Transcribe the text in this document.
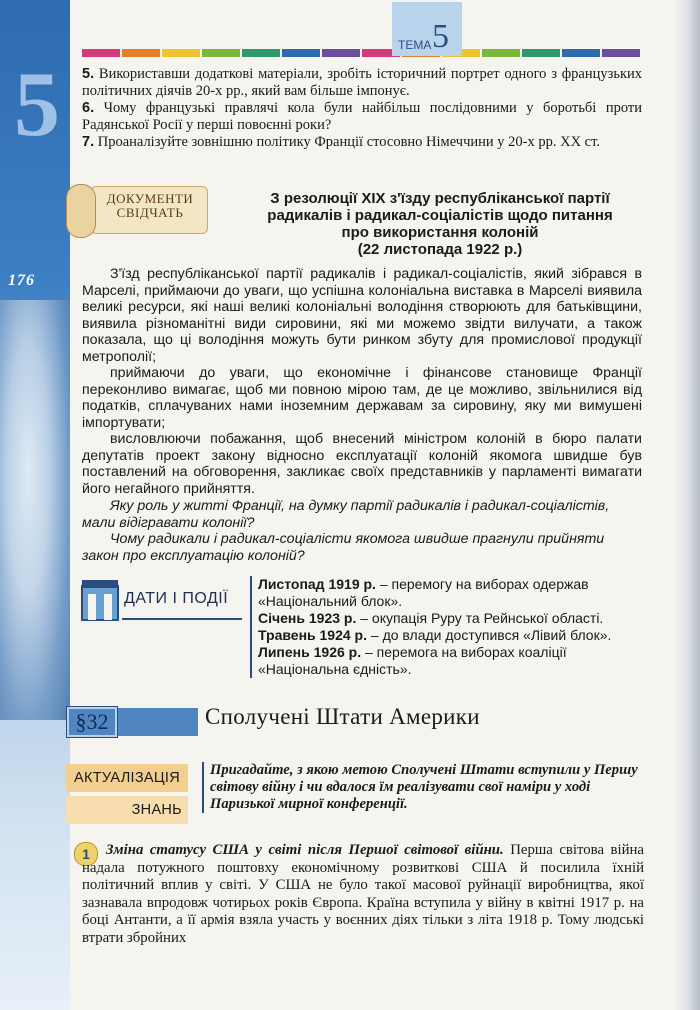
5
176
ТЕМА 5
5. Використавши додаткові матеріали, зробіть історичний портрет одного з французьких політичних діячів 20-х рр., який вам більше імпонує.
6. Чому французькі правлячі кола були найбільш послідовними у боротьбі проти Радянської Росії у перші повоєнні роки?
7. Проаналізуйте зовнішню політику Франції стосовно Німеччини у 20-х рр. XX ст.
ДОКУМЕНТИ
СВІДЧАТЬ
З резолюції XIX з'їзду республіканської партії
радикалів і радикал-соціалістів щодо питання
про використання колоній
(22 листопада 1922 р.)

З'їзд республіканської партії радикалів і радикал-соціалістів, який зібрався в Марселі, приймаючи до уваги, що успішна колоніальна виставка в Марселі виявила великі ресурси, які наші великі колоніальні володіння створюють для батьківщини, виявила різноманітні види сировини, які ми можемо звідти вилучати, а також показала, що ці володіння можуть бути ринком збуту для промислової продукції метрополії;

приймаючи до уваги, що економічне і фінансове становище Франції переконливо вимагає, щоб ми повною мірою там, де це можливо, звільнилися від податків, сплачуваних нами іноземним державам за сировину, яку ми вимушені імпортувати;

висловлюючи побажання, щоб внесений міністром колоній в бюро палати депутатів проект закону відносно експлуатації колоній якомога швидше був поставлений на обговорення, закликає своїх представників у парламенті вимагати його негайного прийняття.

Яку роль у житті Франції, на думку партії радикалів і радикал-соціалістів, мали відігравати колонії?

Чому радикали і радикал-соціалісти якомога швидше прагнули прийняти закон про експлуатацію колоній?

ДАТИ І ПОДІЇ
Листопад 1919 р. – перемогу на виборах одержав «Національний блок».
Січень 1923 р. – окупація Руру та Рейнської області.
Травень 1924 р. – до влади доступився «Лівий блок».
Липень 1926 р. – перемога на виборах коаліції «Національна єдність».
§32	Сполучені Штати Америки
АКТУАЛІЗАЦІЯ
ЗНАНЬ
Пригадайте, з якою метою Сполучені Штати вступили у Першу світову війну і чи вдалося їм реалізувати свої наміри у ході Паризької мирної конференції.
1	Зміна статусу США у світі після Першої світової війни. Перша світова війна надала потужного поштовху економічному розвиткові США й посилила їхній політичний вплив у світі. У США не було такої масової руйнації виробництва, якої зазнавала впродовж чотирьох років Європа. Країна вступила у війну в квітні 1917 р. на боці Антанти, а її армія взяла участь у воєнних діях тільки з літа 1918 р. Тому людські втрати збройних
